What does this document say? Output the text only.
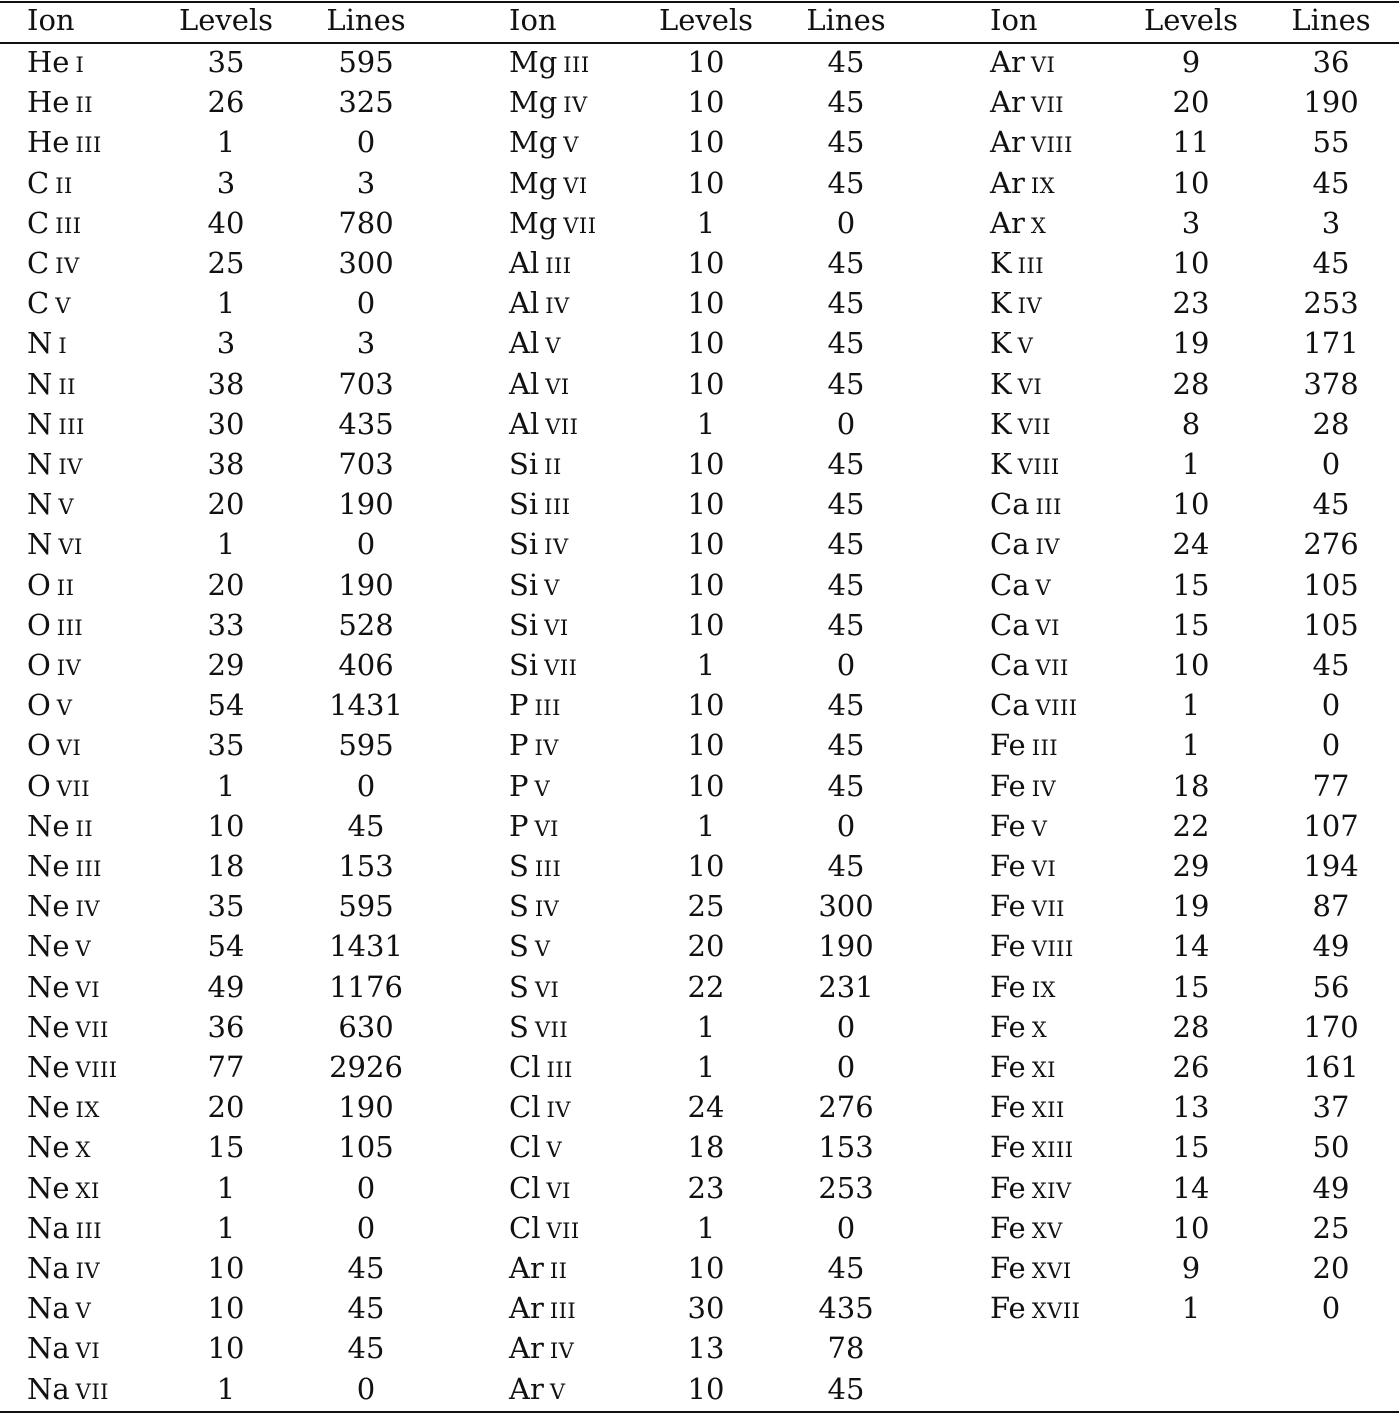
Ion	Levels	Lines
He I	35	595
He II	26	325
He III	1	0
C II	3	3
C III	40	780
C IV	25	300
C V	1	0
N I	3	3
N II	38	703
N III	30	435
N IV	38	703
N V	20	190
N VI	1	0
O II	20	190
O III	33	528
O IV	29	406
O V	54	1431
O VI	35	595
O VII	1	0
Ne II	10	45
Ne III	18	153
Ne IV	35	595
Ne V	54	1431
Ne VI	49	1176
Ne VII	36	630
Ne VIII	77	2926
Ne IX	20	190
Ne X	15	105
Ne XI	1	0
Na III	1	0
Na IV	10	45
Na V	10	45
Na VI	10	45
Na VII	1	0
Ion	Levels	Lines
Mg III	10	45
Mg IV	10	45
Mg V	10	45
Mg VI	10	45
Mg VII	1	0
Al III	10	45
Al IV	10	45
Al V	10	45
Al VI	10	45
Al VII	1	0
Si II	10	45
Si III	10	45
Si IV	10	45
Si V	10	45
Si VI	10	45
Si VII	1	0
P III	10	45
P IV	10	45
P V	10	45
P VI	1	0
S III	10	45
S IV	25	300
S V	20	190
S VI	22	231
S VII	1	0
Cl III	1	0
Cl IV	24	276
Cl V	18	153
Cl VI	23	253
Cl VII	1	0
Ar II	10	45
Ar III	30	435
Ar IV	13	78
Ar V	10	45
Ion	Levels	Lines
Ar VI	9	36
Ar VII	20	190
Ar VIII	11	55
Ar IX	10	45
Ar X	3	3
K III	10	45
K IV	23	253
K V	19	171
K VI	28	378
K VII	8	28
K VIII	1	0
Ca III	10	45
Ca IV	24	276
Ca V	15	105
Ca VI	15	105
Ca VII	10	45
Ca VIII	1	0
Fe III	1	0
Fe IV	18	77
Fe V	22	107
Fe VI	29	194
Fe VII	19	87
Fe VIII	14	49
Fe IX	15	56
Fe X	28	170
Fe XI	26	161
Fe XII	13	37
Fe XIII	15	50
Fe XIV	14	49
Fe XV	10	25
Fe XVI	9	20
Fe XVII	1	0
